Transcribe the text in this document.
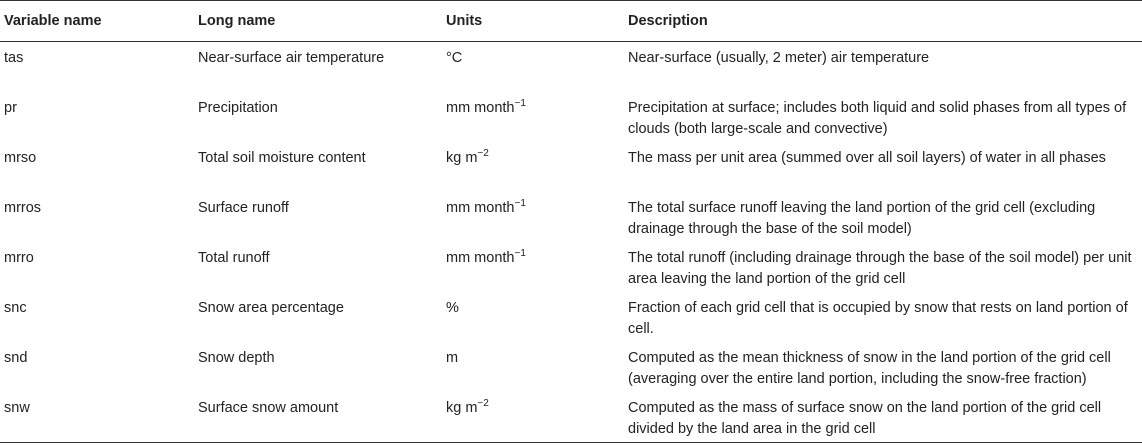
Variable name	Long name	Units	Description
tas	Near-surface air temperature	°C	Near-surface (usually, 2 meter) air temperature
pr	Precipitation	mm month$^{-1}$	Precipitation at surface; includes both liquid and solid phases from all types of clouds (both large-scale and convective)
mrso	Total soil moisture content	kg $m^{-2}$	The mass per unit area (summed over all soil layers) of water in all phases
mrros	Surface runoff	mm month$^{-1}$	The total surface runoff leaving the land portion of the grid cell (excluding drainage through the base of the soil model)
mrro	Total runoff	mm month$^{-1}$	The total runoff (including drainage through the base of the soil model) per unit area leaving the land portion of the grid cell
snc	Snow area percentage	%	Fraction of each grid cell that is occupied by snow that rests on land portion of cell.
snd	Snow depth	m	Computed as the mean thickness of snow in the land portion of the grid cell (averaging over the entire land portion, including the snow-free fraction)
snw	Surface snow amount	kg $m^{-2}$	Computed as the mass of surface snow on the land portion of the grid cell divided by the land area in the grid cell
